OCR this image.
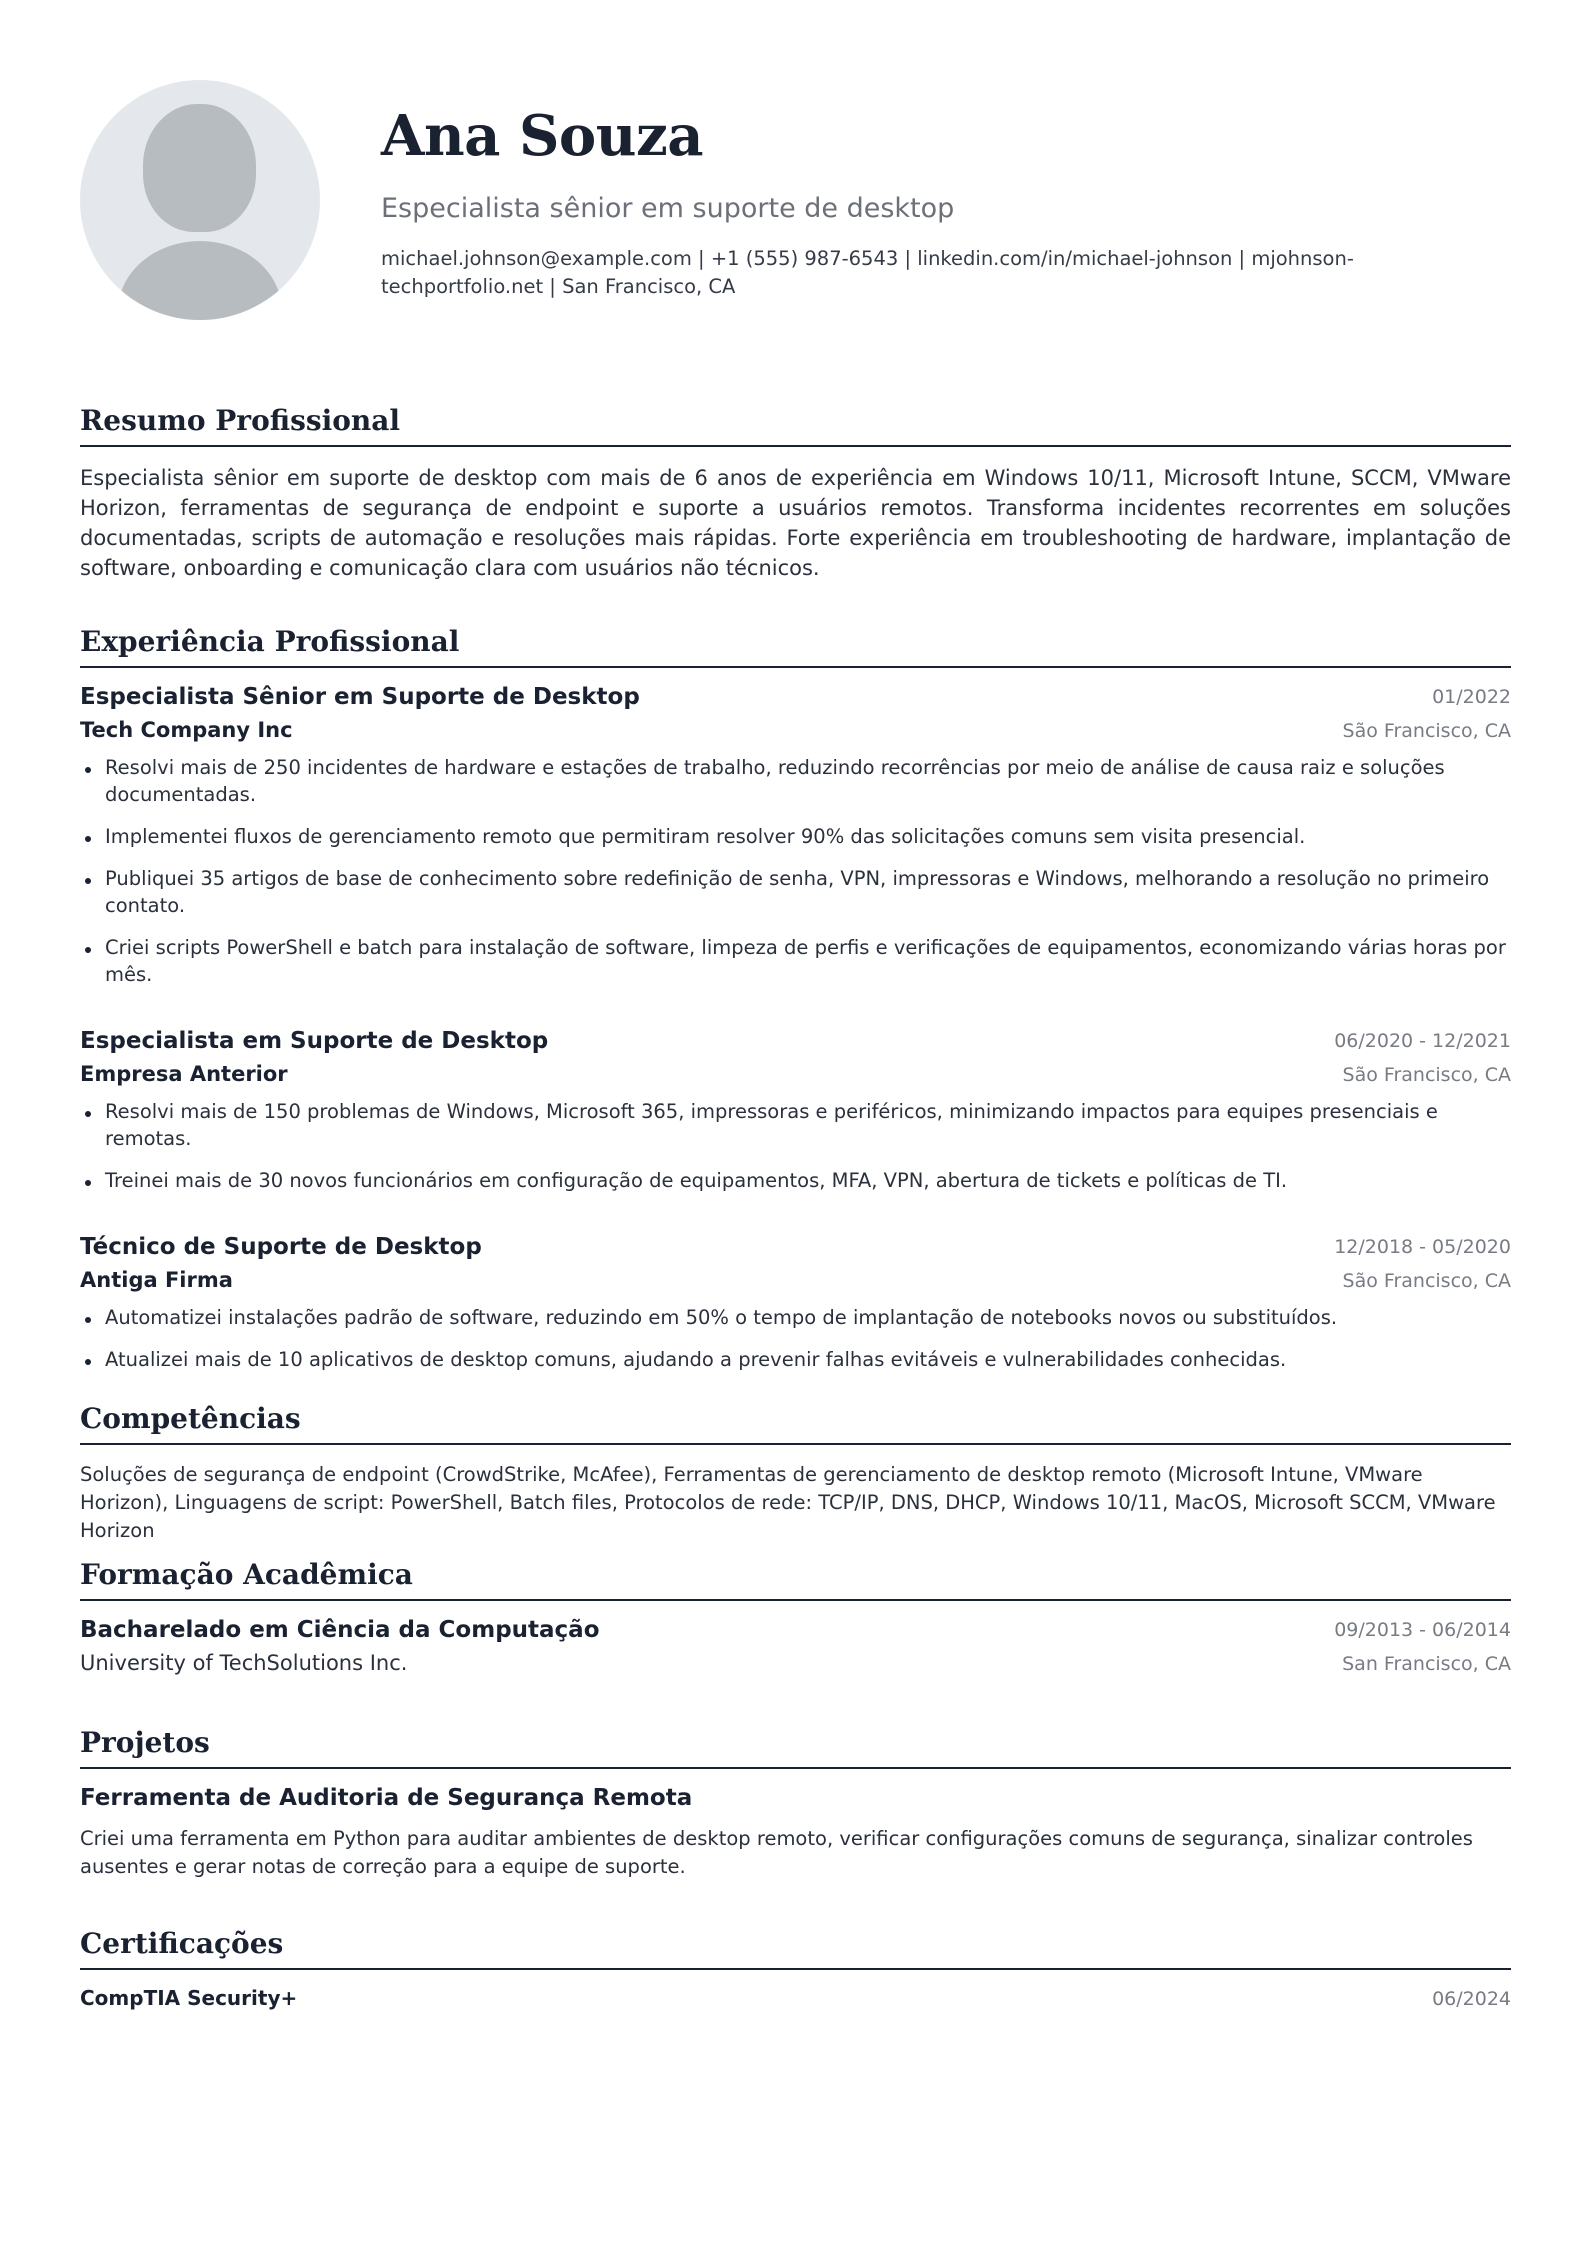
Ana Souza
Especialista sênior em suporte de desktop
michael.johnson@example.com | +1 (555) 987-6543 | linkedin.com/in/michael-johnson | mjohnson-techportfolio.net | San Francisco, CA
Resumo Profissional
Especialista sênior em suporte de desktop com mais de 6 anos de experiência em Windows 10/11, Microsoft Intune, SCCM, VMware Horizon, ferramentas de segurança de endpoint e suporte a usuários remotos. Transforma incidentes recorrentes em soluções documentadas, scripts de automação e resoluções mais rápidas. Forte experiência em troubleshooting de hardware, implantação de software, onboarding e comunicação clara com usuários não técnicos.
Experiência Profissional
Especialista Sênior em Suporte de Desktop	01/2022
Tech Company Inc	São Francisco, CA
Resolvi mais de 250 incidentes de hardware e estações de trabalho, reduzindo recorrências por meio de análise de causa raiz e soluções documentadas.
Implementei fluxos de gerenciamento remoto que permitiram resolver 90% das solicitações comuns sem visita presencial.
Publiquei 35 artigos de base de conhecimento sobre redefinição de senha, VPN, impressoras e Windows, melhorando a resolução no primeiro contato.
Criei scripts PowerShell e batch para instalação de software, limpeza de perfis e verificações de equipamentos, economizando várias horas por mês.
Especialista em Suporte de Desktop	06/2020 - 12/2021
Empresa Anterior	São Francisco, CA
Resolvi mais de 150 problemas de Windows, Microsoft 365, impressoras e periféricos, minimizando impactos para equipes presenciais e remotas.
Treinei mais de 30 novos funcionários em configuração de equipamentos, MFA, VPN, abertura de tickets e políticas de TI.
Técnico de Suporte de Desktop	12/2018 - 05/2020
Antiga Firma	São Francisco, CA
Automatizei instalações padrão de software, reduzindo em 50% o tempo de implantação de notebooks novos ou substituídos.
Atualizei mais de 10 aplicativos de desktop comuns, ajudando a prevenir falhas evitáveis e vulnerabilidades conhecidas.
Competências
Soluções de segurança de endpoint (CrowdStrike, McAfee), Ferramentas de gerenciamento de desktop remoto (Microsoft Intune, VMware Horizon), Linguagens de script: PowerShell, Batch files, Protocolos de rede: TCP/IP, DNS, DHCP, Windows 10/11, MacOS, Microsoft SCCM, VMware Horizon
Formação Acadêmica
Bacharelado em Ciência da Computação	09/2013 - 06/2014
University of TechSolutions Inc.	San Francisco, CA
Projetos
Ferramenta de Auditoria de Segurança Remota
Criei uma ferramenta em Python para auditar ambientes de desktop remoto, verificar configurações comuns de segurança, sinalizar controles ausentes e gerar notas de correção para a equipe de suporte.
Certificações
CompTIA Security+	06/2024
